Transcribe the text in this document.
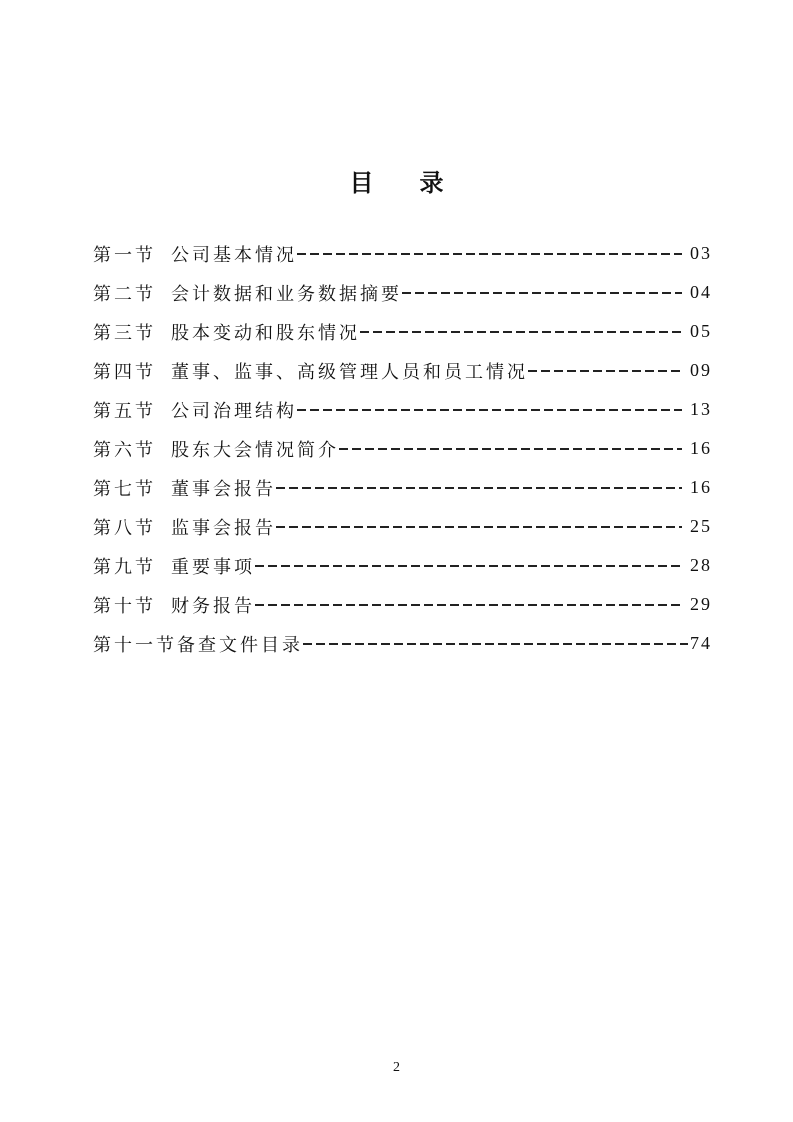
目 录
第一节 公司基本情况	03
第二节 会计数据和业务数据摘要	04
第三节 股本变动和股东情况	05
第四节 董事、监事、高级管理人员和员工情况	09
第五节 公司治理结构	13
第六节 股东大会情况简介	16
第七节 董事会报告	16
第八节 监事会报告	25
第九节 重要事项	28
第十节 财务报告	29
第十一节 备查文件目录	74
2
